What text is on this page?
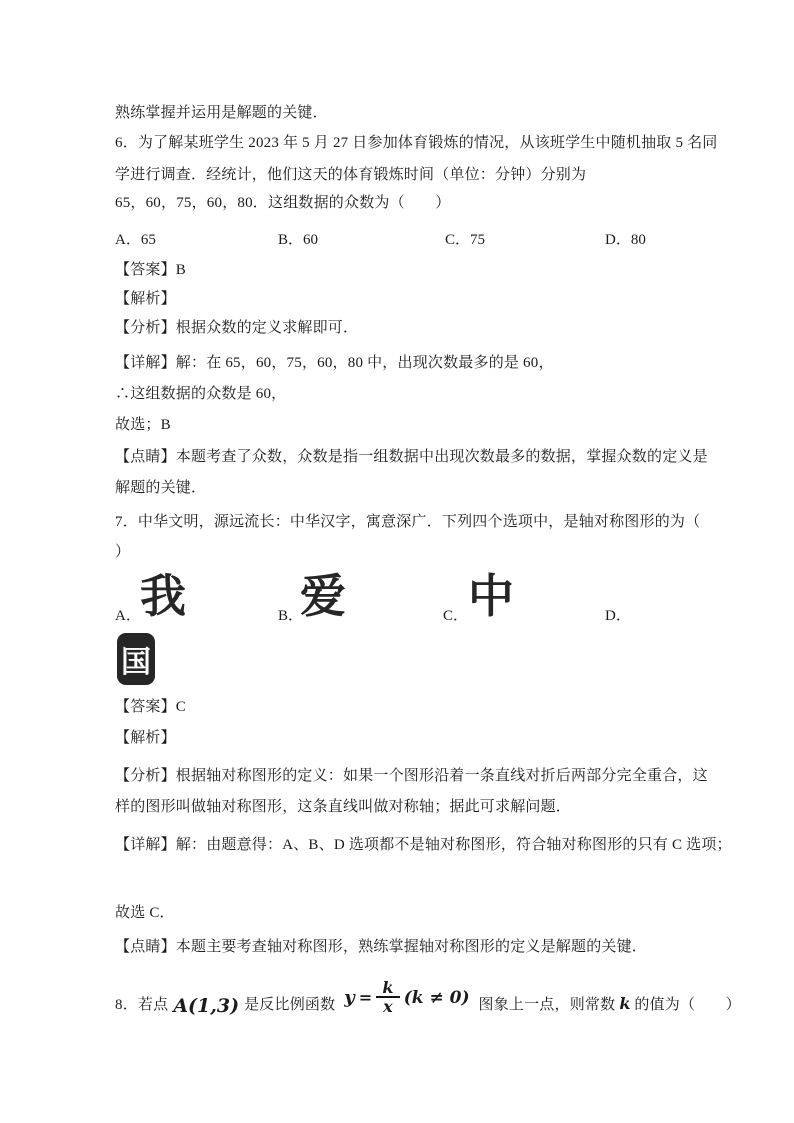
熟练掌握并运用是解题的关键．
6．为了解某班学生 2023 年 5 月 27 日参加体育锻炼的情况，从该班学生中随机抽取 5 名同
学进行调查．经统计，他们这天的体育锻炼时间（单位：分钟）分别为
65，60，75，60，80．这组数据的众数为（　　）
A．65	B．60	C．75	D．80
【答案】B
【解析】
【分析】根据众数的定义求解即可．
【详解】解：在 65，60，75，60，80 中，出现次数最多的是 60，
∴这组数据的众数是 60，
故选；B
【点睛】本题考查了众数，众数是指一组数据中出现次数最多的数据，掌握众数的定义是
解题的关键．
7．中华文明，源远流长：中华汉字，寓意深广．下列四个选项中，是轴对称图形的为（
）
A． 我	B．
爱	C． 中	D．
国
【答案】C
【解析】
【分析】根据轴对称图形的定义：如果一个图形沿着一条直线对折后两部分完全重合，这
样的图形叫做轴对称图形，这条直线叫做对称轴；据此可求解问题．
【详解】解：由题意得：A、B、D 选项都不是轴对称图形，符合轴对称图形的只有 C 选项；
故选 C．
【点睛】本题主要考查轴对称图形，熟练掌握轴对称图形的定义是解题的关键．
8．若点 A(1,3) 是反比例函数 $y = \frac{k}{x} (k \ne 0)$ 图象上一点，则常数 k 的值为（　　）
